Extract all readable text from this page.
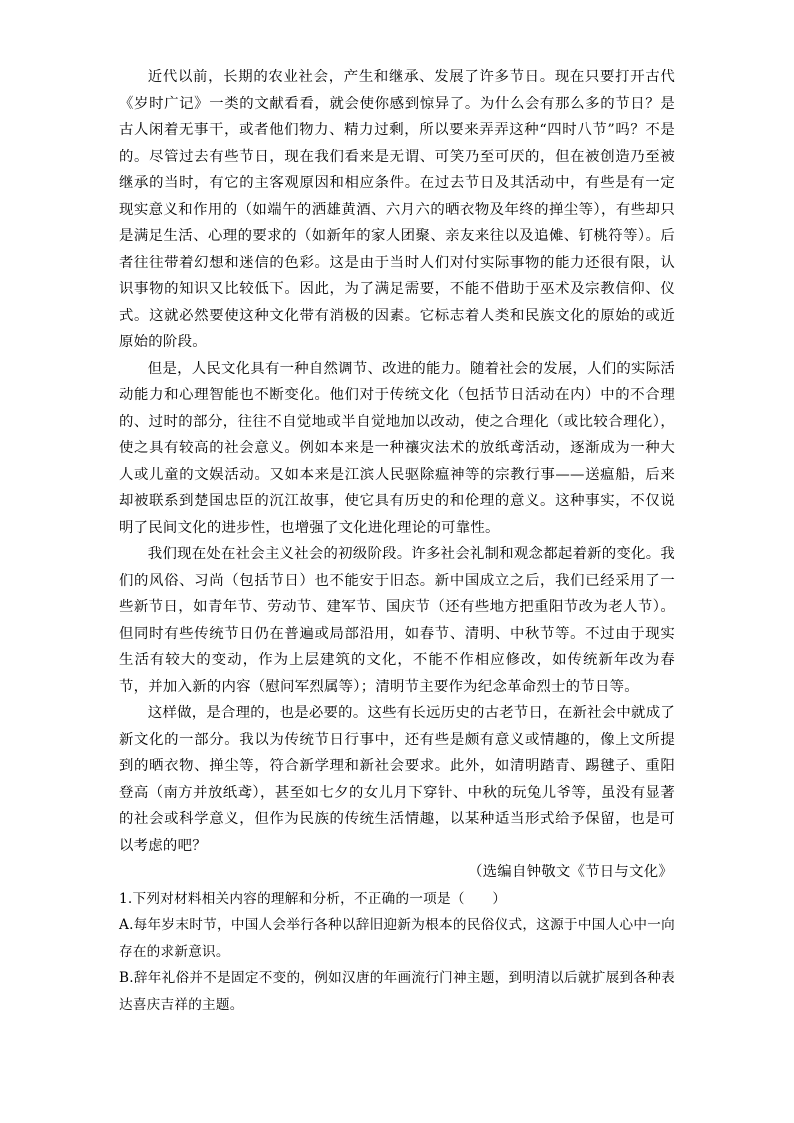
近代以前，长期的农业社会，产生和继承、发展了许多节日。现在只要打开古代《岁时广记》一类的文献看看，就会使你感到惊异了。为什么会有那么多的节日？是古人闲着无事干，或者他们物力、精力过剩，所以要来弄弄这种“四时八节”吗？不是的。尽管过去有些节日，现在我们看来是无谓、可笑乃至可厌的，但在被创造乃至被继承的当时，有它的主客观原因和相应条件。在过去节日及其活动中，有些是有一定现实意义和作用的（如端午的洒雄黄酒、六月六的晒衣物及年终的掸尘等），有些却只是满足生活、心理的要求的（如新年的家人团聚、亲友来往以及追傩、钉桃符等）。后者往往带着幻想和迷信的色彩。这是由于当时人们对付实际事物的能力还很有限，认识事物的知识又比较低下。因此，为了满足需要，不能不借助于巫术及宗教信仰、仪式。这就必然要使这种文化带有消极的因素。它标志着人类和民族文化的原始的或近原始的阶段。

但是，人民文化具有一种自然调节、改进的能力。随着社会的发展，人们的实际活动能力和心理智能也不断变化。他们对于传统文化（包括节日活动在内）中的不合理的、过时的部分，往往不自觉地或半自觉地加以改动，使之合理化（或比较合理化），使之具有较高的社会意义。例如本来是一种禳灾法术的放纸鸢活动，逐渐成为一种大人或儿童的文娱活动。又如本来是江滨人民驱除瘟神等的宗教行事——送瘟船，后来却被联系到楚国忠臣的沉江故事，使它具有历史的和伦理的意义。这种事实，不仅说明了民间文化的进步性，也增强了文化进化理论的可靠性。

我们现在处在社会主义社会的初级阶段。许多社会礼制和观念都起着新的变化。我们的风俗、习尚（包括节日）也不能安于旧态。新中国成立之后，我们已经采用了一些新节日，如青年节、劳动节、建军节、国庆节（还有些地方把重阳节改为老人节）。但同时有些传统节日仍在普遍或局部沿用，如春节、清明、中秋节等。不过由于现实生活有较大的变动，作为上层建筑的文化，不能不作相应修改，如传统新年改为春节，并加入新的内容（慰问军烈属等）；清明节主要作为纪念革命烈士的节日等。

这样做，是合理的，也是必要的。这些有长远历史的古老节日，在新社会中就成了新文化的一部分。我以为传统节日行事中，还有些是颇有意义或情趣的，像上文所提到的晒衣物、掸尘等，符合新学理和新社会要求。此外，如清明踏青、踢毽子、重阳登高（南方并放纸鸢），甚至如七夕的女儿月下穿针、中秋的玩兔儿爷等，虽没有显著的社会或科学意义，但作为民族的传统生活情趣，以某种适当形式给予保留，也是可以考虑的吧？

（选编自钟敬文《节日与文化》

1.下列对材料相关内容的理解和分析，不正确的一项是（　　）

A.每年岁末时节，中国人会举行各种以辞旧迎新为根本的民俗仪式，这源于中国人心中一向存在的求新意识。

B.辞年礼俗并不是固定不变的，例如汉唐的年画流行门神主题，到明清以后就扩展到各种表达喜庆吉祥的主题。
